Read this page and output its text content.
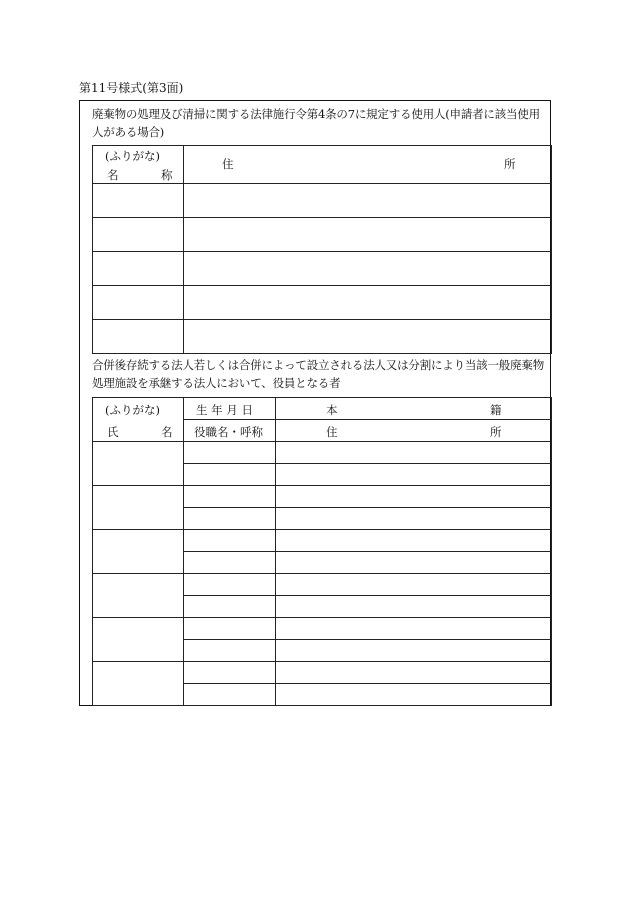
第11号様式(第3面)
廃棄物の処理及び清掃に関する法律施行令第4条の7に規定する使用人(申請者に該当使用人がある場合)
(ふりがな)
名 称	住 所

合併後存続する法人若しくは合併によって設立される法人又は分割により当該一般廃棄物処理施設を承継する法人において、役員となる者
(ふりがな)
氏 名	生 年 月 日	本 籍

	役職名・呼称	住 所
